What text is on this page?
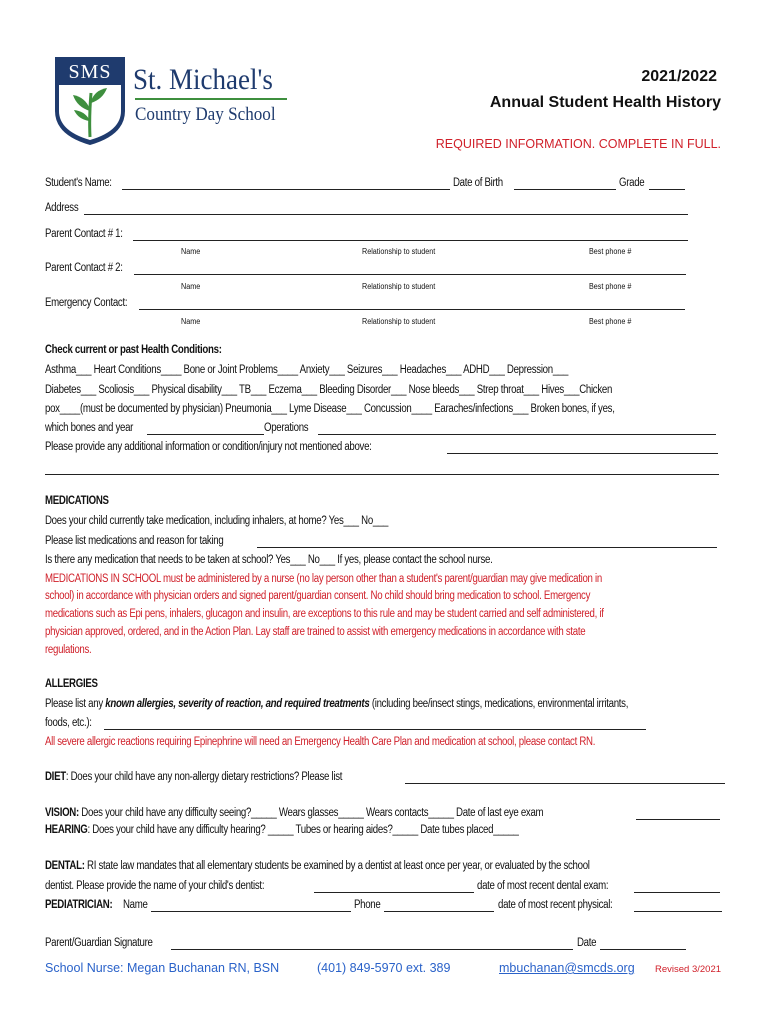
SMS St. Michael's
Country Day School
2021/2022
Annual Student Health History
REQUIRED INFORMATION. COMPLETE IN FULL.
Student's Name:	Date of Birth	Grade
Address
Parent Contact # 1:
Name	Relationship to student	Best phone #
Parent Contact # 2:
Name	Relationship to student	Best phone #
Emergency Contact:
Name	Relationship to student	Best phone #
Check current or past Health Conditions:
Asthma___ Heart Conditions____ Bone or Joint Problems____ Anxiety___ Seizures___ Headaches___ ADHD___ Depression___
Diabetes___ Scoliosis___ Physical disability___ TB___ Eczema___ Bleeding Disorder___ Nose bleeds___ Strep throat___ Hives___Chicken
pox____(must be documented by physician) Pneumonia___ Lyme Disease___ Concussion____ Earaches/infections___ Broken bones, if yes,
which bones and year	Operations
Please provide any additional information or condition/injury not mentioned above:
MEDICATIONS
Does your child currently take medication, including inhalers, at home? Yes___ No___
Please list medications and reason for taking
Is there any medication that needs to be taken at school? Yes___ No___ If yes, please contact the school nurse.
MEDICATIONS IN SCHOOL must be administered by a nurse (no lay person other than a student's parent/guardian may give medication in
school) in accordance with physician orders and signed parent/guardian consent. No child should bring medication to school. Emergency
medications such as Epi pens, inhalers, glucagon and insulin, are exceptions to this rule and may be student carried and self administered, if
physician approved, ordered, and in the Action Plan. Lay staff are trained to assist with emergency medications in accordance with state
regulations.
ALLERGIES
Please list any known allergies, severity of reaction, and required treatments (including bee/insect stings, medications, environmental irritants,
foods, etc.):
All severe allergic reactions requiring Epinephrine will need an Emergency Health Care Plan and medication at school, please contact RN.
DIET: Does your child have any non-allergy dietary restrictions? Please list
VISION: Does your child have any difficulty seeing?_____ Wears glasses_____ Wears contacts_____ Date of last eye exam
HEARING: Does your child have any difficulty hearing? _____ Tubes or hearing aides?_____ Date tubes placed_____
DENTAL: RI state law mandates that all elementary students be examined by a dentist at least once per year, or evaluated by the school
dentist. Please provide the name of your child's dentist:	date of most recent dental exam:
PEDIATRICIAN: Name	Phone	date of most recent physical:
Parent/Guardian Signature	Date
School Nurse: Megan Buchanan RN, BSN	(401) 849-5970 ext. 389	mbuchanan@smcds.org Revised 3/2021
